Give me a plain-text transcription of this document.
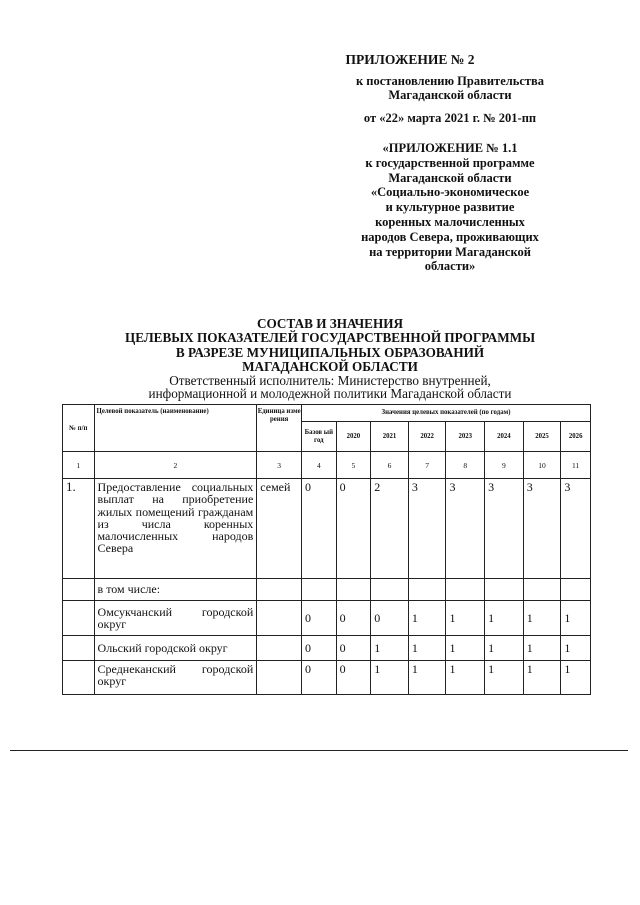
ПРИЛОЖЕНИЕ № 2
к постановлению Правительства
Магаданской области
от «22» марта 2021 г. № 201-пп
«ПРИЛОЖЕНИЕ № 1.1
к государственной программе
Магаданской области
«Социально-экономическое
и культурное развитие
коренных малочисленных
народов Севера, проживающих
на территории Магаданской
области»
СОСТАВ И ЗНАЧЕНИЯ
ЦЕЛЕВЫХ ПОКАЗАТЕЛЕЙ ГОСУДАРСТВЕННОЙ ПРОГРАММЫ
В РАЗРЕЗЕ МУНИЦИПАЛЬНЫХ ОБРАЗОВАНИЙ
МАГАДАНСКОЙ ОБЛАСТИ
Ответственный исполнитель: Министерство внутренней,
информационной и молодежной политики Магаданской области
№ п/п	Целевой показатель (наименование)	Единица изме рения	Значения целевых показателей (по годам)							
			Базов ый год	2020	2021	2022	2023	2024	2025	2026
1	2	3	4	5	6	7	8	9	10	11
1.	Предоставление социальных выплат на приобретение жилых помещений гражданам из числа коренных малочисленных народов Севера	семей	0	0	2	3	3	3	3	3
	в том числе:									
	Омсукчанский городской округ		0	0	0	1	1	1	1	1
	Ольский городской округ		0	0	1	1	1	1	1	1
	Среднеканский городской округ		0	0	1	1	1	1	1	1
